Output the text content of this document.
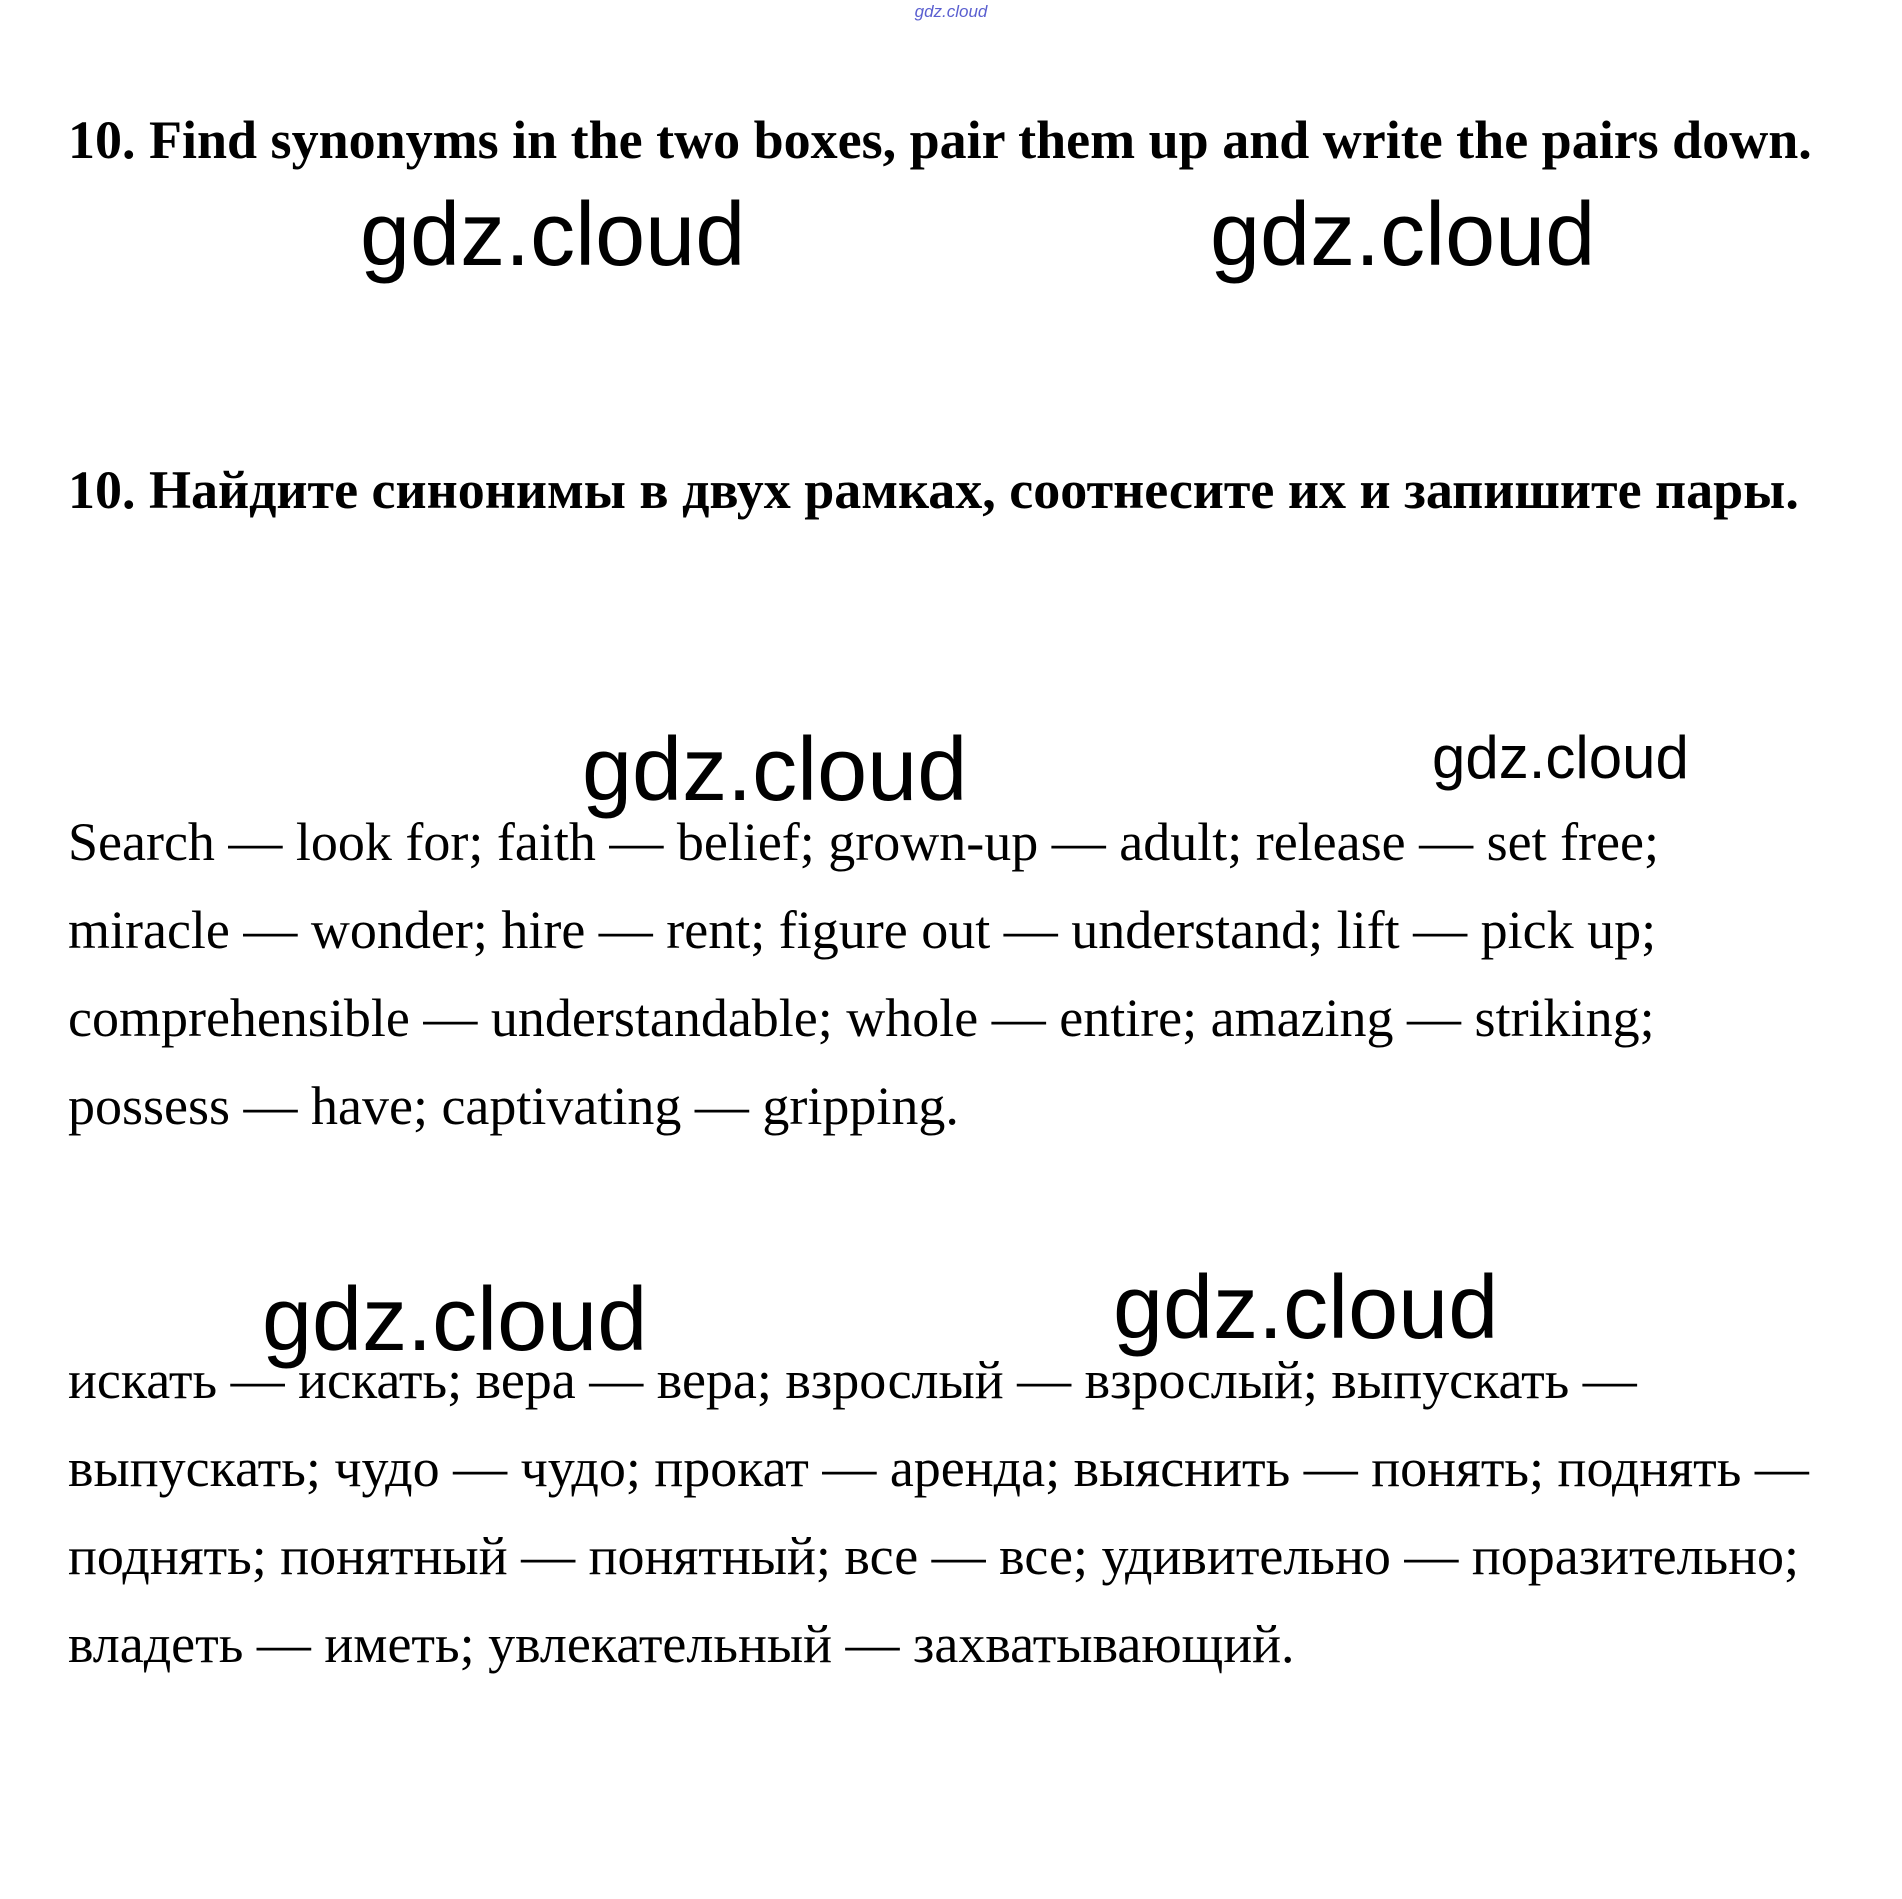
gdz.cloud
10. Find synonyms in the two boxes, pair them up and write the pairs down.
10. Найдите синонимы в двух рамках, соотнесите их и запишите пары.
Search — look for; faith — belief; grown-up — adult; release — set free; miracle — wonder; hire — rent; figure out — understand; lift — pick up; comprehensible — understandable; whole — entire; amazing — striking; possess — have; captivating — gripping.
искать — искать; вера — вера; взрослый — взрослый; выпускать — выпускать; чудо — чудо; прокат — аренда; выяснить — понять; поднять — поднять; понятный — понятный; все — все; удивительно — поразительно; владеть — иметь; увлекательный — захватывающий.
gdz.cloud	gdz.cloud
gdz.cloud	gdz.cloud
gdz.cloud	gdz.cloud
